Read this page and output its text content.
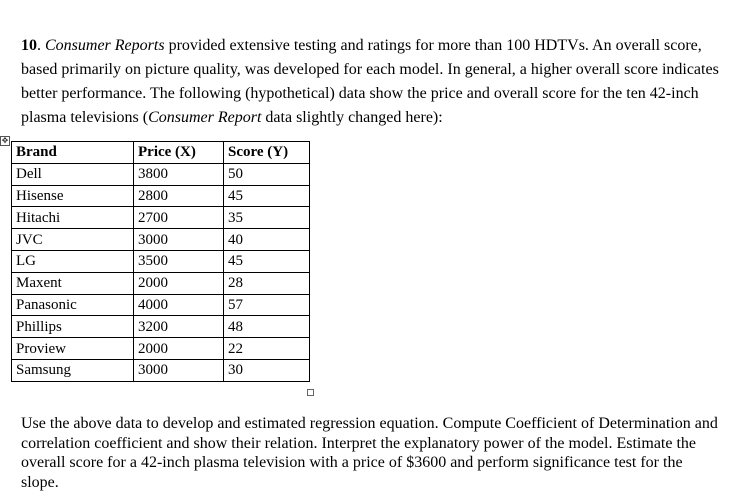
10. Consumer Reports provided extensive testing and ratings for more than 100 HDTVs. An overall score, based primarily on picture quality, was developed for each model. In general, a higher overall score indicates better performance. The following (hypothetical) data show the price and overall score for the ten 42-inch plasma televisions (Consumer Report data slightly changed here):

✥
Brand	Price (X)	Score (Y)
Dell	3800	50
Hisense	2800	45
Hitachi	2700	35
JVC	3000	40
LG	3500	45
Maxent	2000	28
Panasonic	4000	57
Phillips	3200	48
Proview	2000	22
Samsung	3000	30

Use the above data to develop and estimated regression equation. Compute Coefficient of Determination and correlation coefficient and show their relation. Interpret the explanatory power of the model. Estimate the overall score for a 42-inch plasma television with a price of $3600 and perform significance test for the slope.
